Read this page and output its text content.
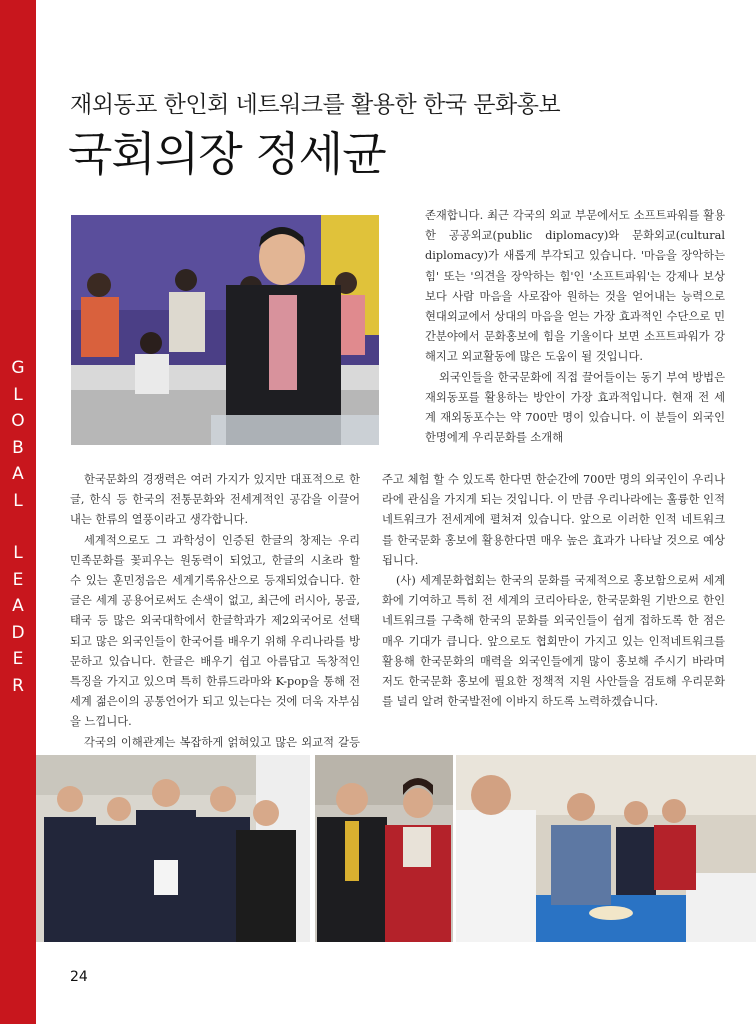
G
L
O
B
A
L
L
E
A
D
E
R
재외동포 한인회 네트워크를 활용한 한국 문화홍보
국회의장 정세균

존재합니다. 최근 각국의 외교 부문에서도 소프트파워를 활용한 공공외교(public diplomacy)와 문화외교(cultural diplomacy)가 새롭게 부각되고 있습니다. '마음을 장악하는 힘' 또는 '의견을 장악하는 힘'인 '소프트파워'는 강제나 보상보다 사람 마음을 사로잡아 원하는 것을 얻어내는 능력으로 현대외교에서 상대의 마음을 얻는 가장 효과적인 수단으로 민간분야에서 문화홍보에 힘을 기울이다 보면 소프트파워가 강해지고 외교활동에 많은 도움이 될 것입니다.

외국인들을 한국문화에 직접 끌어들이는 동기 부여 방법은 재외동포를 활용하는 방안이 가장 효과적입니다. 현재 전 세계 재외동포수는 약 700만 명이 있습니다. 이 분들이 외국인 한명에게 우리문화를 소개해

한국문화의 경쟁력은 여러 가지가 있지만 대표적으로 한글, 한식 등 한국의 전통문화와 전세계적인 공감을 이끌어 내는 한류의 열풍이라고 생각합니다.

세계적으로도 그 과학성이 인증된 한글의 창제는 우리 민족문화를 꽃피우는 원동력이 되었고, 한글의 시초라 할 수 있는 훈민정음은 세계기록유산으로 등재되었습니다. 한글은 세계 공용어로써도 손색이 없고, 최근에 러시아, 몽골, 태국 등 많은 외국대학에서 한글학과가 제2외국어로 선택되고 많은 외국인들이 한국어를 배우기 위해 우리나라를 방문하고 있습니다. 한글은 배우기 쉽고 아름답고 독창적인 특징을 가지고 있으며 특히 한류드라마와 K-pop을 통해 전세계 젊은이의 공통언어가 되고 있는다는 것에 더욱 자부심을 느낍니다.

각국의 이해관계는 복잡하게 얽혀있고 많은 외교적 갈등

주고 체험 할 수 있도록 한다면 한순간에 700만 명의 외국인이 우리나라에 관심을 가지게 되는 것입니다. 이 만큼 우리나라에는 훌륭한 인적 네트워크가 전세계에 펼쳐져 있습니다. 앞으로 이러한 인적 네트워크를 한국문화 홍보에 활용한다면 매우 높은 효과가 나타날 것으로 예상됩니다.

(사) 세계문화협회는 한국의 문화를 국제적으로 홍보함으로써 세계화에 기여하고 특히 전 세계의 코리아타운, 한국문화원 기반으로 한인 네트워크를 구축해 한국의 문화를 외국인들이 쉽게 접하도록 한 점은 매우 기대가 큽니다. 앞으로도 협회만이 가지고 있는 인적네트워크를 활용해 한국문화의 매력을 외국인들에게 많이 홍보해 주시기 바라며 저도 한국문화 홍보에 필요한 정책적 지원 사안들을 검토해 우리문화를 널리 알려 한국발전에 이바지 하도록 노력하겠습니다.

24
